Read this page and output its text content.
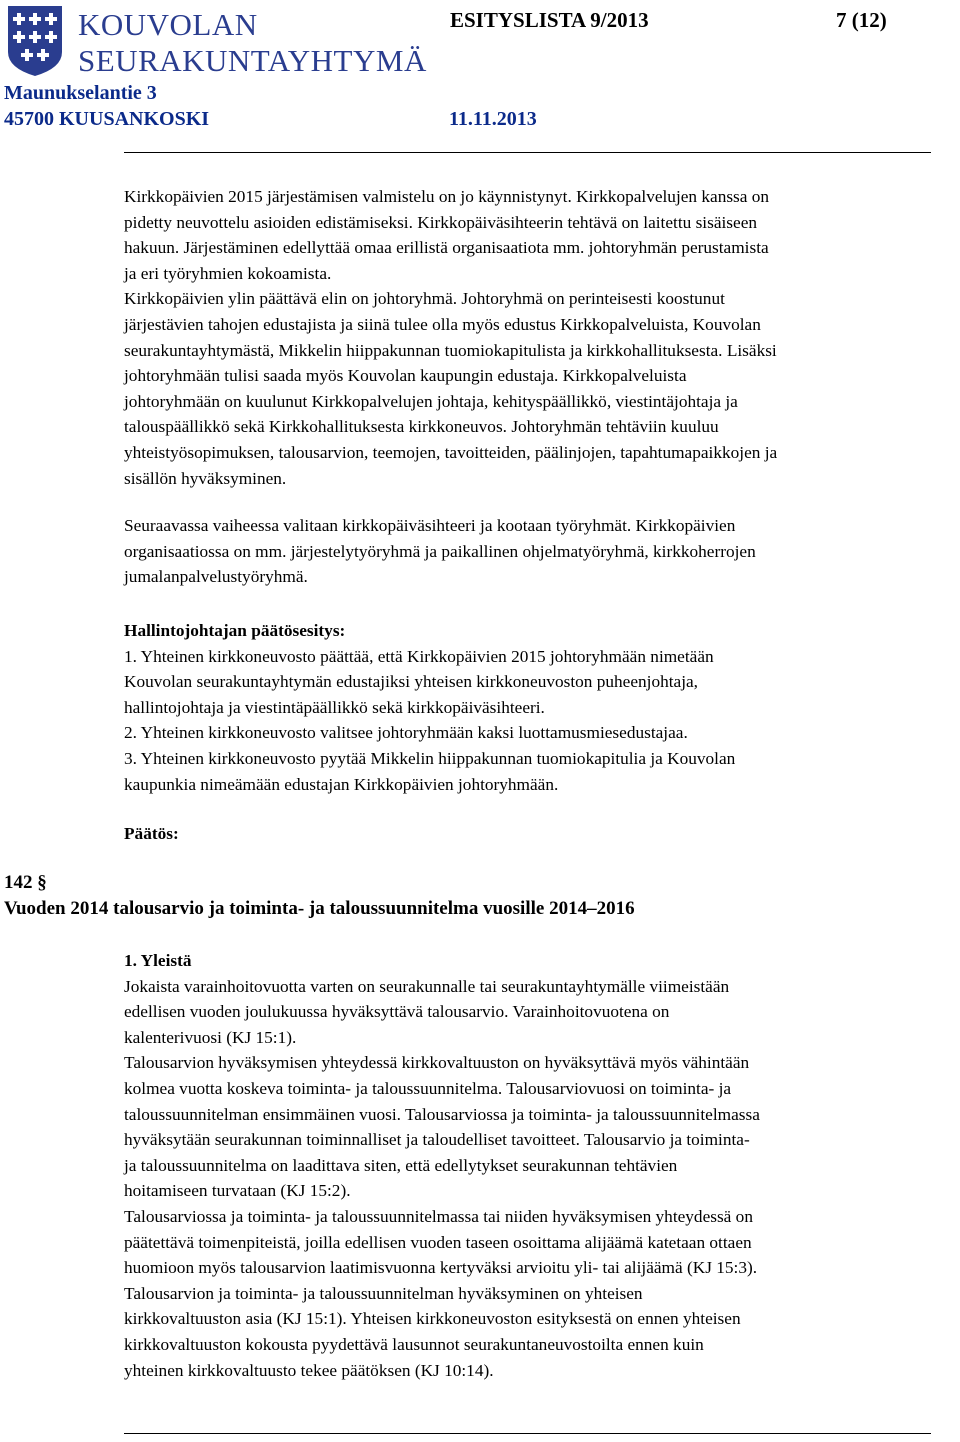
KOUVOLAN
SEURAKUNTAYHTYMÄ
ESITYSLISTA 9/2013	7 (12)
Maunukselantie 3
45700 KUUSANKOSKI	11.11.2013

Kirkkopäivien 2015 järjestämisen valmistelu on jo käynnistynyt. Kirkkopalvelujen kanssa on

pidetty neuvottelu asioiden edistämiseksi. Kirkkopäiväsihteerin tehtävä on laitettu sisäiseen

hakuun. Järjestäminen edellyttää omaa erillistä organisaatiota mm. johtoryhmän perustamista

ja eri työryhmien kokoamista.

Kirkkopäivien ylin päättävä elin on johtoryhmä. Johtoryhmä on perinteisesti koostunut

järjestävien tahojen edustajista ja siinä tulee olla myös edustus Kirkkopalveluista, Kouvolan

seurakuntayhtymästä, Mikkelin hiippakunnan tuomiokapitulista ja kirkkohallituksesta. Lisäksi

johtoryhmään tulisi saada myös Kouvolan kaupungin edustaja. Kirkkopalveluista

johtoryhmään on kuulunut Kirkkopalvelujen johtaja, kehityspäällikkö, viestintäjohtaja ja

talouspäällikkö sekä Kirkkohallituksesta kirkkoneuvos. Johtoryhmän tehtäviin kuuluu

yhteistyösopimuksen, talousarvion, teemojen, tavoitteiden, päälinjojen, tapahtumapaikkojen ja

sisällön hyväksyminen.

Seuraavassa vaiheessa valitaan kirkkopäiväsihteeri ja kootaan työryhmät. Kirkkopäivien

organisaatiossa on mm. järjestelytyöryhmä ja paikallinen ohjelmatyöryhmä, kirkkoherrojen

jumalanpalvelustyöryhmä.

Hallintojohtajan päätösesitys:

1. Yhteinen kirkkoneuvosto päättää, että Kirkkopäivien 2015 johtoryhmään nimetään

Kouvolan seurakuntayhtymän edustajiksi yhteisen kirkkoneuvoston puheenjohtaja,

hallintojohtaja ja viestintäpäällikkö sekä kirkkopäiväsihteeri.

2. Yhteinen kirkkoneuvosto valitsee johtoryhmään kaksi luottamusmiesedustajaa.

3. Yhteinen kirkkoneuvosto pyytää Mikkelin hiippakunnan tuomiokapitulia ja Kouvolan

kaupunkia nimeämään edustajan Kirkkopäivien johtoryhmään.

Päätös:
142 §
Vuoden 2014 talousarvio ja toiminta- ja taloussuunnitelma vuosille 2014–2016

1. Yleistä

Jokaista varainhoitovuotta varten on seurakunnalle tai seurakuntayhtymälle viimeistään

edellisen vuoden joulukuussa hyväksyttävä talousarvio. Varainhoitovuotena on

kalenterivuosi (KJ 15:1).

Talousarvion hyväksymisen yhteydessä kirkkovaltuuston on hyväksyttävä myös vähintään

kolmea vuotta koskeva toiminta- ja taloussuunnitelma. Talousarviovuosi on toiminta- ja

taloussuunnitelman ensimmäinen vuosi. Talousarviossa ja toiminta- ja taloussuunnitelmassa

hyväksytään seurakunnan toiminnalliset ja taloudelliset tavoitteet. Talousarvio ja toiminta-

ja taloussuunnitelma on laadittava siten, että edellytykset seurakunnan tehtävien

hoitamiseen turvataan (KJ 15:2).

Talousarviossa ja toiminta- ja taloussuunnitelmassa tai niiden hyväksymisen yhteydessä on

päätettävä toimenpiteistä, joilla edellisen vuoden taseen osoittama alijäämä katetaan ottaen

huomioon myös talousarvion laatimisvuonna kertyväksi arvioitu yli- tai alijäämä (KJ 15:3).

Talousarvion ja toiminta- ja taloussuunnitelman hyväksyminen on yhteisen

kirkkovaltuuston asia (KJ 15:1). Yhteisen kirkkoneuvoston esityksestä on ennen yhteisen

kirkkovaltuuston kokousta pyydettävä lausunnot seurakuntaneuvostoilta ennen kuin

yhteinen kirkkovaltuusto tekee päätöksen (KJ 10:14).
